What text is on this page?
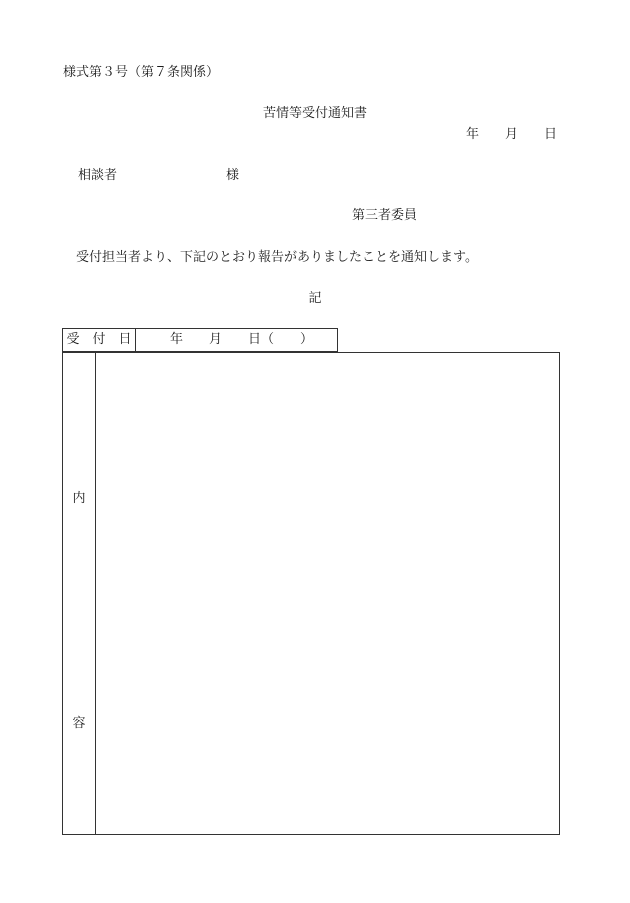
様式第３号（第７条関係）
苦情等受付通知書
年 月 日
相談者	様
第三者委員
受付担当者より、下記のとおり報告がありましたことを通知します。
記
受　付　日	年　　月　　日（　　）
内
容
